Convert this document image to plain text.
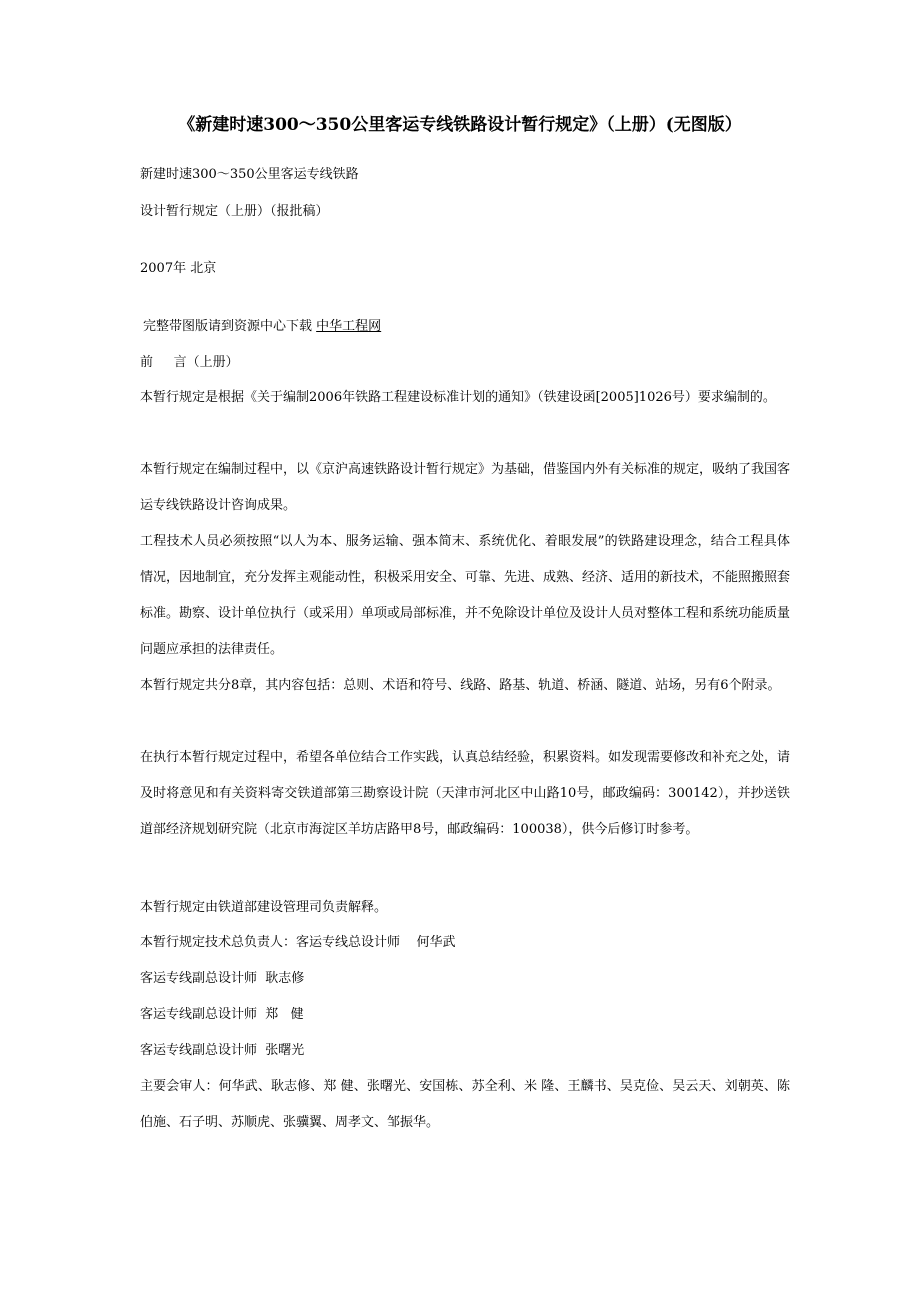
《新建时速300～350公里客运专线铁路设计暂行规定》（上册）(无图版）
新建时速300～350公里客运专线铁路
设计暂行规定（上册）（报批稿）
2007年 北京
完整带图版请到资源中心下载 中华工程网
前     言（上册）
本暂行规定是根据《关于编制2006年铁路工程建设标准计划的通知》（铁建设函[2005]1026号）要求编制的。
本暂行规定在编制过程中，以《京沪高速铁路设计暂行规定》为基础，借鉴国内外有关标准的规定，吸纳了我国客运专线铁路设计咨询成果。
工程技术人员必须按照“以人为本、服务运输、强本简末、系统优化、着眼发展”的铁路建设理念，结合工程具体情况，因地制宜，充分发挥主观能动性，积极采用安全、可靠、先进、成熟、经济、适用的新技术，不能照搬照套标准。勘察、设计单位执行（或采用）单项或局部标准，并不免除设计单位及设计人员对整体工程和系统功能质量问题应承担的法律责任。
本暂行规定共分8章，其内容包括：总则、术语和符号、线路、路基、轨道、桥涵、隧道、站场，另有6个附录。
在执行本暂行规定过程中，希望各单位结合工作实践，认真总结经验，积累资料。如发现需要修改和补充之处，请及时将意见和有关资料寄交铁道部第三勘察设计院（天津市河北区中山路10号，邮政编码：300142），并抄送铁道部经济规划研究院（北京市海淀区羊坊店路甲8号，邮政编码：100038），供今后修订时参考。
本暂行规定由铁道部建设管理司负责解释。
本暂行规定技术总负责人：客运专线总设计师    何华武
客运专线副总设计师  耿志修
客运专线副总设计师  郑   健
客运专线副总设计师  张曙光
主要会审人：何华武、耿志修、郑 健、张曙光、安国栋、苏全利、米 隆、王麟书、吴克俭、吴云天、刘朝英、陈伯施、石子明、苏顺虎、张骥翼、周孝文、邹振华。
